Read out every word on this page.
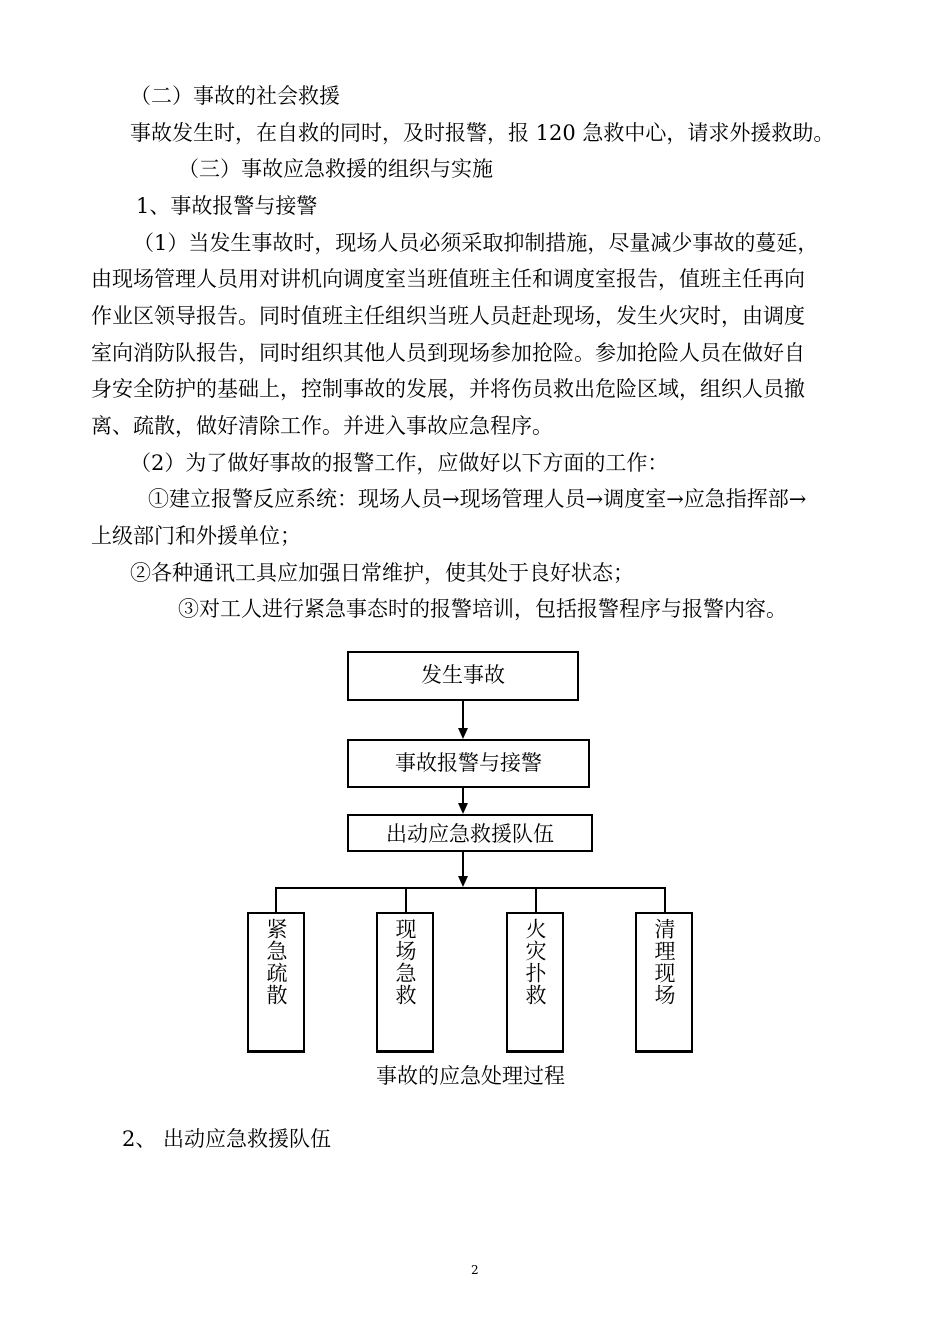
（二）事故的社会救援
事故发生时，在自救的同时，及时报警，报 120 急救中心，请求外援救助。
（三）事故应急救援的组织与实施
1、事故报警与接警
（1）当发生事故时，现场人员必须采取抑制措施，尽量减少事故的蔓延，
由现场管理人员用对讲机向调度室当班值班主任和调度室报告，值班主任再向
作业区领导报告。同时值班主任组织当班人员赶赴现场，发生火灾时，由调度
室向消防队报告，同时组织其他人员到现场参加抢险。参加抢险人员在做好自
身安全防护的基础上，控制事故的发展，并将伤员救出危险区域，组织人员撤
离、疏散，做好清除工作。并进入事故应急程序。
（2）为了做好事故的报警工作，应做好以下方面的工作：
①建立报警反应系统：现场人员→现场管理人员→调度室→应急指挥部→
上级部门和外援单位；
②各种通讯工具应加强日常维护，使其处于良好状态；
③对工人进行紧急事态时的报警培训，包括报警程序与报警内容。
发生事故
事故报警与接警
出动应急救援队伍
紧急疏散	现场急救	火灾扑救	清理现场
事故的应急处理过程
2、 出动应急救援队伍
2
